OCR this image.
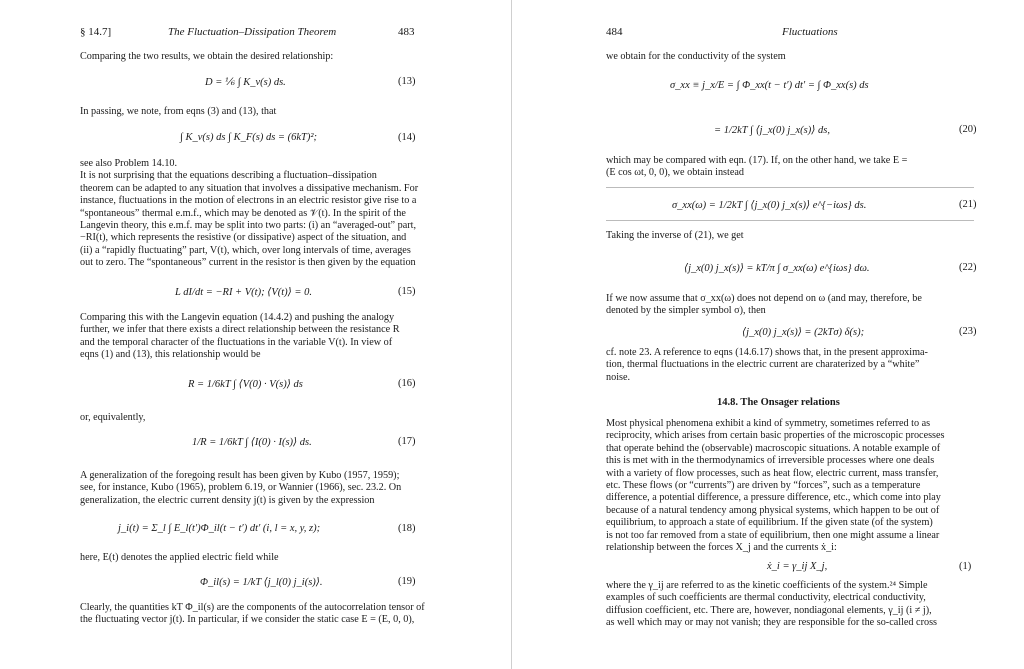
§ 14.7]	The Fluctuation–Dissipation Theorem	483
Comparing the two results, we obtain the desired relationship:
D = ⅙ ∫ K_v(s) ds.	(13)
In passing, we note, from eqns (3) and (13), that
∫ K_v(s) ds ∫ K_F(s) ds = (6kT)²;	(14)
see also Problem 14.10.
It is not surprising that the equations describing a fluctuation–dissipation
theorem can be adapted to any situation that involves a dissipative mechanism. For
instance, fluctuations in the motion of electrons in an electric resistor give rise to a
“spontaneous” thermal e.m.f., which may be denoted as 𝒱(t). In the spirit of the
Langevin theory, this e.m.f. may be split into two parts: (i) an “averaged-out” part,
−RI(t), which represents the resistive (or dissipative) aspect of the situation, and
(ii) a “rapidly fluctuating” part, V(t), which, over long intervals of time, averages
out to zero. The “spontaneous” current in the resistor is then given by the equation
L dI/dt = −RI + V(t); ⟨V(t)⟩ = 0.	(15)
Comparing this with the Langevin equation (14.4.2) and pushing the analogy
further, we infer that there exists a direct relationship between the resistance R
and the temporal character of the fluctuations in the variable V(t). In view of
eqns (1) and (13), this relationship would be
R = 1/6kT ∫ ⟨V(0) · V(s)⟩ ds	(16)
or, equivalently,
1/R = 1/6kT ∫ ⟨I(0) · I(s)⟩ ds.	(17)
A generalization of the foregoing result has been given by Kubo (1957, 1959);
see, for instance, Kubo (1965), problem 6.19, or Wannier (1966), sec. 23.2. On
generalization, the electric current density j(t) is given by the expression
j_i(t) = Σ_l ∫ E_l(t′)Φ_il(t − t′) dt′ (i, l = x, y, z);	(18)
here, E(t) denotes the applied electric field while
Φ_il(s) = 1/kT ⟨j_l(0) j_i(s)⟩.	(19)
Clearly, the quantities kT Φ_il(s) are the components of the autocorrelation tensor of
the fluctuating vector j(t). In particular, if we consider the static case E = (E, 0, 0),
484	Fluctuations
we obtain for the conductivity of the system
σ_xx ≡ j_x/E = ∫ Φ_xx(t − t′) dt′ = ∫ Φ_xx(s) ds
= 1/2kT ∫ ⟨j_x(0) j_x(s)⟩ ds,	(20)
which may be compared with eqn. (17). If, on the other hand, we take E =
(E cos ωt, 0, 0), we obtain instead
σ_xx(ω) = 1/2kT ∫ ⟨j_x(0) j_x(s)⟩ e^{−iωs} ds.	(21)
Taking the inverse of (21), we get
⟨j_x(0) j_x(s)⟩ = kT/π ∫ σ_xx(ω) e^{iωs} dω.	(22)
If we now assume that σ_xx(ω) does not depend on ω (and may, therefore, be
denoted by the simpler symbol σ), then
⟨j_x(0) j_x(s)⟩ = (2kTσ) δ(s);	(23)
cf. note 23. A reference to eqns (14.6.17) shows that, in the present approxima-
tion, thermal fluctuations in the electric current are charaterized by a “white”
noise.
14.8. The Onsager relations
Most physical phenomena exhibit a kind of symmetry, sometimes referred to as
reciprocity, which arises from certain basic properties of the microscopic processes
that operate behind the (observable) macroscopic situations. A notable example of
this is met with in the thermodynamics of irreversible processes where one deals
with a variety of flow processes, such as heat flow, electric current, mass transfer,
etc. These flows (or “currents”) are driven by “forces”, such as a temperature
difference, a potential difference, a pressure difference, etc., which come into play
because of a natural tendency among physical systems, which happen to be out of
equilibrium, to approach a state of equilibrium. If the given state (of the system)
is not too far removed from a state of equilibrium, then one might assume a linear
relationship between the forces X_j and the currents ẋ_i:
ẋ_i = γ_ij X_j,	(1)
where the γ_ij are referred to as the kinetic coefficients of the system.²⁴ Simple
examples of such coefficients are thermal conductivity, electrical conductivity,
diffusion coefficient, etc. There are, however, nondiagonal elements, γ_ij (i ≠ j),
as well which may or may not vanish; they are responsible for the so-called cross
